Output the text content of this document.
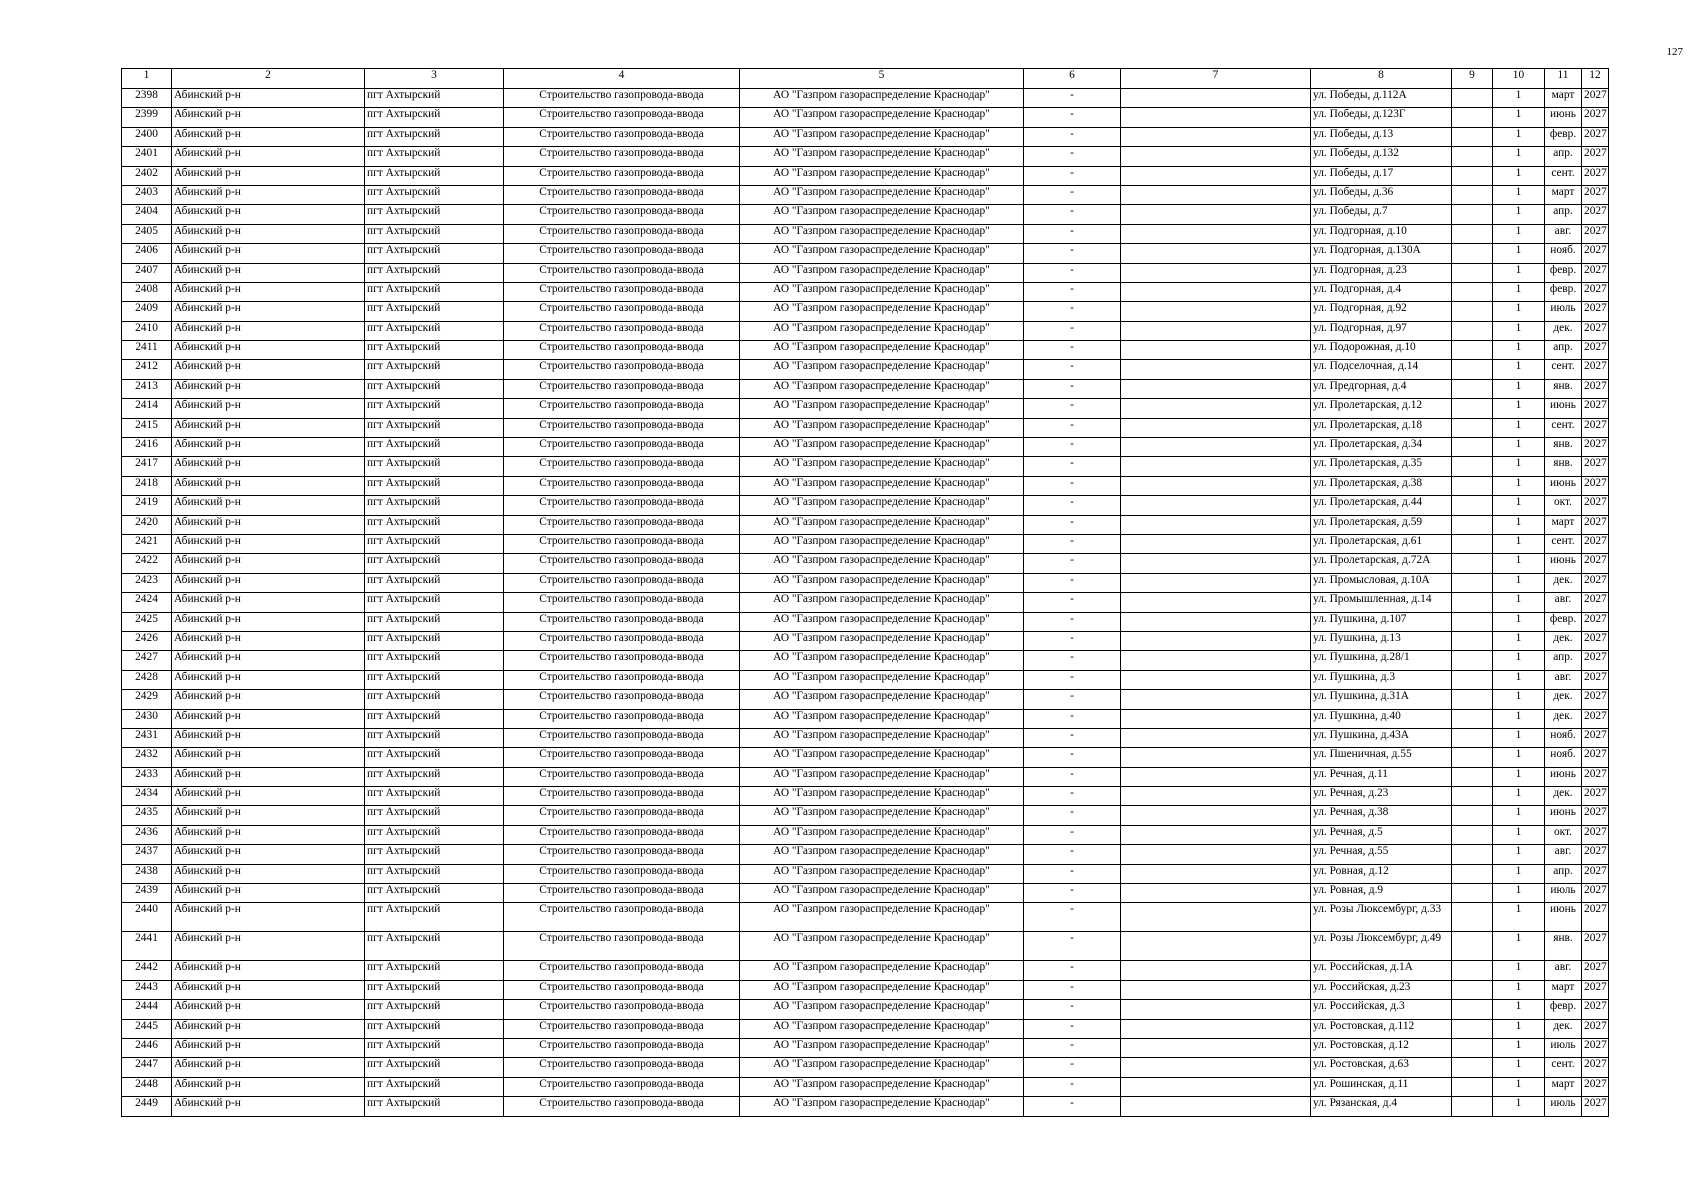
127
1	2	3	4	5	6	7	8	9	10	11	12
2398	Абинский р-н	пгт Ахтырский	Строительство газопровода-ввода	АО "Газпром газораспределение Краснодар"	-		ул. Победы, д.112А		1	март	2027
2399	Абинский р-н	пгт Ахтырский	Строительство газопровода-ввода	АО "Газпром газораспределение Краснодар"	-		ул. Победы, д.123Г		1	июнь	2027
2400	Абинский р-н	пгт Ахтырский	Строительство газопровода-ввода	АО "Газпром газораспределение Краснодар"	-		ул. Победы, д.13		1	февр.	2027
2401	Абинский р-н	пгт Ахтырский	Строительство газопровода-ввода	АО "Газпром газораспределение Краснодар"	-		ул. Победы, д.132		1	апр.	2027
2402	Абинский р-н	пгт Ахтырский	Строительство газопровода-ввода	АО "Газпром газораспределение Краснодар"	-		ул. Победы, д.17		1	сент.	2027
2403	Абинский р-н	пгт Ахтырский	Строительство газопровода-ввода	АО "Газпром газораспределение Краснодар"	-		ул. Победы, д.36		1	март	2027
2404	Абинский р-н	пгт Ахтырский	Строительство газопровода-ввода	АО "Газпром газораспределение Краснодар"	-		ул. Победы, д.7		1	апр.	2027
2405	Абинский р-н	пгт Ахтырский	Строительство газопровода-ввода	АО "Газпром газораспределение Краснодар"	-		ул. Подгорная, д.10		1	авг.	2027
2406	Абинский р-н	пгт Ахтырский	Строительство газопровода-ввода	АО "Газпром газораспределение Краснодар"	-		ул. Подгорная, д.130А		1	нояб.	2027
2407	Абинский р-н	пгт Ахтырский	Строительство газопровода-ввода	АО "Газпром газораспределение Краснодар"	-		ул. Подгорная, д.23		1	февр.	2027
2408	Абинский р-н	пгт Ахтырский	Строительство газопровода-ввода	АО "Газпром газораспределение Краснодар"	-		ул. Подгорная, д.4		1	февр.	2027
2409	Абинский р-н	пгт Ахтырский	Строительство газопровода-ввода	АО "Газпром газораспределение Краснодар"	-		ул. Подгорная, д.92		1	июль	2027
2410	Абинский р-н	пгт Ахтырский	Строительство газопровода-ввода	АО "Газпром газораспределение Краснодар"	-		ул. Подгорная, д.97		1	дек.	2027
2411	Абинский р-н	пгт Ахтырский	Строительство газопровода-ввода	АО "Газпром газораспределение Краснодар"	-		ул. Подорожная, д.10		1	апр.	2027
2412	Абинский р-н	пгт Ахтырский	Строительство газопровода-ввода	АО "Газпром газораспределение Краснодар"	-		ул. Подселочная, д.14		1	сент.	2027
2413	Абинский р-н	пгт Ахтырский	Строительство газопровода-ввода	АО "Газпром газораспределение Краснодар"	-		ул. Предгорная, д.4		1	янв.	2027
2414	Абинский р-н	пгт Ахтырский	Строительство газопровода-ввода	АО "Газпром газораспределение Краснодар"	-		ул. Пролетарская, д.12		1	июнь	2027
2415	Абинский р-н	пгт Ахтырский	Строительство газопровода-ввода	АО "Газпром газораспределение Краснодар"	-		ул. Пролетарская, д.18		1	сент.	2027
2416	Абинский р-н	пгт Ахтырский	Строительство газопровода-ввода	АО "Газпром газораспределение Краснодар"	-		ул. Пролетарская, д.34		1	янв.	2027
2417	Абинский р-н	пгт Ахтырский	Строительство газопровода-ввода	АО "Газпром газораспределение Краснодар"	-		ул. Пролетарская, д.35		1	янв.	2027
2418	Абинский р-н	пгт Ахтырский	Строительство газопровода-ввода	АО "Газпром газораспределение Краснодар"	-		ул. Пролетарская, д.38		1	июнь	2027
2419	Абинский р-н	пгт Ахтырский	Строительство газопровода-ввода	АО "Газпром газораспределение Краснодар"	-		ул. Пролетарская, д.44		1	окт.	2027
2420	Абинский р-н	пгт Ахтырский	Строительство газопровода-ввода	АО "Газпром газораспределение Краснодар"	-		ул. Пролетарская, д.59		1	март	2027
2421	Абинский р-н	пгт Ахтырский	Строительство газопровода-ввода	АО "Газпром газораспределение Краснодар"	-		ул. Пролетарская, д.61		1	сент.	2027
2422	Абинский р-н	пгт Ахтырский	Строительство газопровода-ввода	АО "Газпром газораспределение Краснодар"	-		ул. Пролетарская, д.72А		1	июнь	2027
2423	Абинский р-н	пгт Ахтырский	Строительство газопровода-ввода	АО "Газпром газораспределение Краснодар"	-		ул. Промысловая, д.10А		1	дек.	2027
2424	Абинский р-н	пгт Ахтырский	Строительство газопровода-ввода	АО "Газпром газораспределение Краснодар"	-		ул. Промышленная, д.14		1	авг.	2027
2425	Абинский р-н	пгт Ахтырский	Строительство газопровода-ввода	АО "Газпром газораспределение Краснодар"	-		ул. Пушкина, д.107		1	февр.	2027
2426	Абинский р-н	пгт Ахтырский	Строительство газопровода-ввода	АО "Газпром газораспределение Краснодар"	-		ул. Пушкина, д.13		1	дек.	2027
2427	Абинский р-н	пгт Ахтырский	Строительство газопровода-ввода	АО "Газпром газораспределение Краснодар"	-		ул. Пушкина, д.28/1		1	апр.	2027
2428	Абинский р-н	пгт Ахтырский	Строительство газопровода-ввода	АО "Газпром газораспределение Краснодар"	-		ул. Пушкина, д.3		1	авг.	2027
2429	Абинский р-н	пгт Ахтырский	Строительство газопровода-ввода	АО "Газпром газораспределение Краснодар"	-		ул. Пушкина, д.31А		1	дек.	2027
2430	Абинский р-н	пгт Ахтырский	Строительство газопровода-ввода	АО "Газпром газораспределение Краснодар"	-		ул. Пушкина, д.40		1	дек.	2027
2431	Абинский р-н	пгт Ахтырский	Строительство газопровода-ввода	АО "Газпром газораспределение Краснодар"	-		ул. Пушкина, д.43А		1	нояб.	2027
2432	Абинский р-н	пгт Ахтырский	Строительство газопровода-ввода	АО "Газпром газораспределение Краснодар"	-		ул. Пшеничная, д.55		1	нояб.	2027
2433	Абинский р-н	пгт Ахтырский	Строительство газопровода-ввода	АО "Газпром газораспределение Краснодар"	-		ул. Речная, д.11		1	июнь	2027
2434	Абинский р-н	пгт Ахтырский	Строительство газопровода-ввода	АО "Газпром газораспределение Краснодар"	-		ул. Речная, д.23		1	дек.	2027
2435	Абинский р-н	пгт Ахтырский	Строительство газопровода-ввода	АО "Газпром газораспределение Краснодар"	-		ул. Речная, д.38		1	июнь	2027
2436	Абинский р-н	пгт Ахтырский	Строительство газопровода-ввода	АО "Газпром газораспределение Краснодар"	-		ул. Речная, д.5		1	окт.	2027
2437	Абинский р-н	пгт Ахтырский	Строительство газопровода-ввода	АО "Газпром газораспределение Краснодар"	-		ул. Речная, д.55		1	авг.	2027
2438	Абинский р-н	пгт Ахтырский	Строительство газопровода-ввода	АО "Газпром газораспределение Краснодар"	-		ул. Ровная, д.12		1	апр.	2027
2439	Абинский р-н	пгт Ахтырский	Строительство газопровода-ввода	АО "Газпром газораспределение Краснодар"	-		ул. Ровная, д.9		1	июль	2027
2440	Абинский р-н	пгт Ахтырский	Строительство газопровода-ввода	АО "Газпром газораспределение Краснодар"	-		ул. Розы Люксембург, д.33		1	июнь	2027
2441	Абинский р-н	пгт Ахтырский	Строительство газопровода-ввода	АО "Газпром газораспределение Краснодар"	-		ул. Розы Люксембург, д.49		1	янв.	2027
2442	Абинский р-н	пгт Ахтырский	Строительство газопровода-ввода	АО "Газпром газораспределение Краснодар"	-		ул. Российская, д.1А		1	авг.	2027
2443	Абинский р-н	пгт Ахтырский	Строительство газопровода-ввода	АО "Газпром газораспределение Краснодар"	-		ул. Российская, д.23		1	март	2027
2444	Абинский р-н	пгт Ахтырский	Строительство газопровода-ввода	АО "Газпром газораспределение Краснодар"	-		ул. Российская, д.3		1	февр.	2027
2445	Абинский р-н	пгт Ахтырский	Строительство газопровода-ввода	АО "Газпром газораспределение Краснодар"	-		ул. Ростовская, д.112		1	дек.	2027
2446	Абинский р-н	пгт Ахтырский	Строительство газопровода-ввода	АО "Газпром газораспределение Краснодар"	-		ул. Ростовская, д.12		1	июль	2027
2447	Абинский р-н	пгт Ахтырский	Строительство газопровода-ввода	АО "Газпром газораспределение Краснодар"	-		ул. Ростовская, д.63		1	сент.	2027
2448	Абинский р-н	пгт Ахтырский	Строительство газопровода-ввода	АО "Газпром газораспределение Краснодар"	-		ул. Рошинская, д.11		1	март	2027
2449	Абинский р-н	пгт Ахтырский	Строительство газопровода-ввода	АО "Газпром газораспределение Краснодар"	-		ул. Рязанская, д.4		1	июль	2027
